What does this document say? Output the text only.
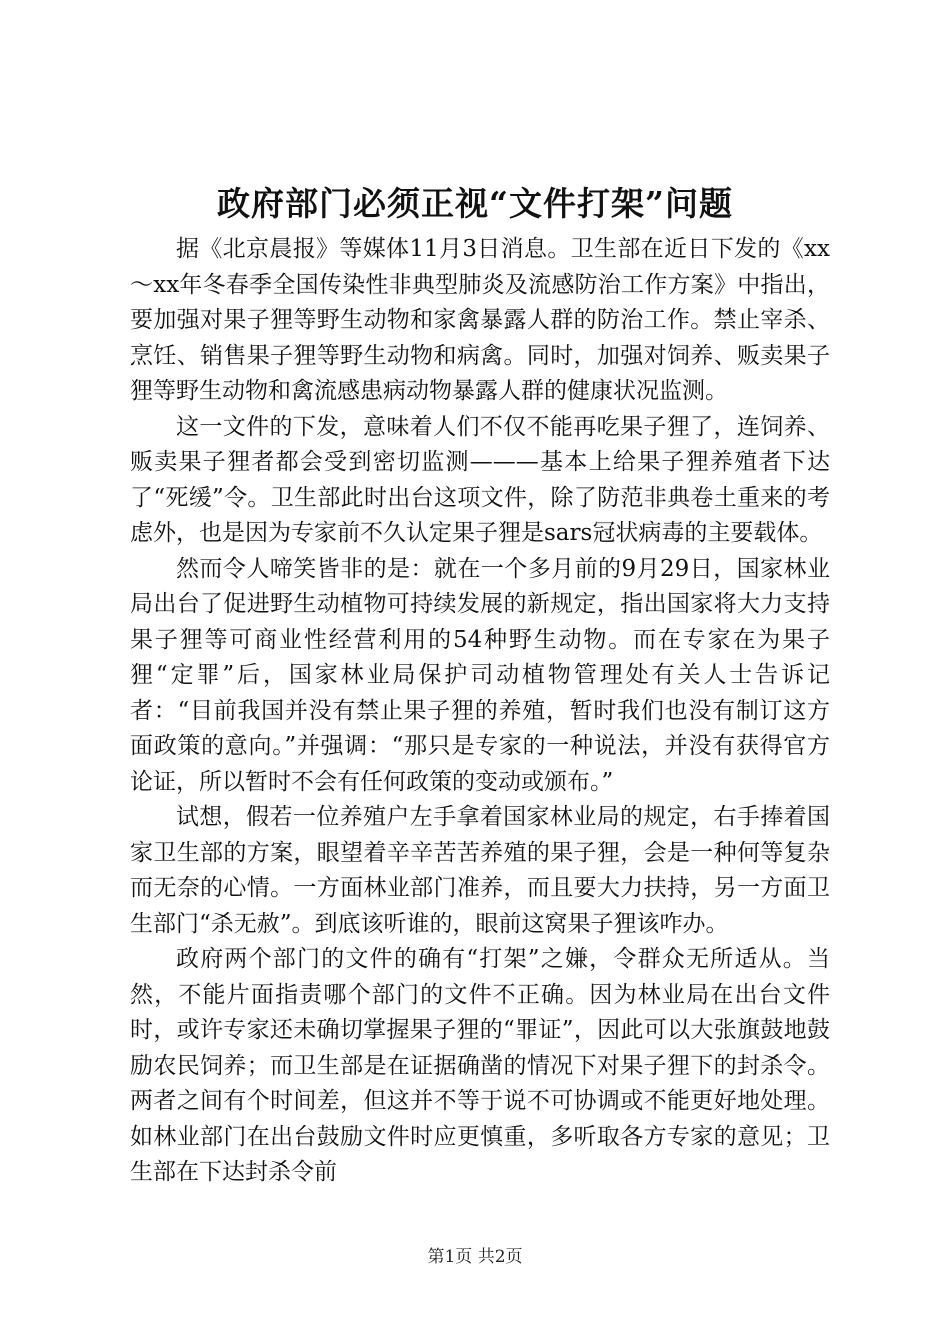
政府部门必须正视“文件打架”问题

据《北京晨报》等媒体11月3日消息。卫生部在近日下发的《xx～xx年冬春季全国传染性非典型肺炎及流感防治工作方案》中指出，要加强对果子狸等野生动物和家禽暴露人群的防治工作。禁止宰杀、烹饪、销售果子狸等野生动物和病禽。同时，加强对饲养、贩卖果子狸等野生动物和禽流感患病动物暴露人群的健康状况监测。

这一文件的下发，意味着人们不仅不能再吃果子狸了，连饲养、贩卖果子狸者都会受到密切监测———基本上给果子狸养殖者下达了“死缓”令。卫生部此时出台这项文件，除了防范非典卷土重来的考虑外，也是因为专家前不久认定果子狸是sars冠状病毒的主要载体。

然而令人啼笑皆非的是：就在一个多月前的9月29日，国家林业局出台了促进野生动植物可持续发展的新规定，指出国家将大力支持果子狸等可商业性经营利用的54种野生动物。而在专家在为果子狸“定罪”后，国家林业局保护司动植物管理处有关人士告诉记者：“目前我国并没有禁止果子狸的养殖，暂时我们也没有制订这方面政策的意向。”并强调：“那只是专家的一种说法，并没有获得官方论证，所以暂时不会有任何政策的变动或颁布。”

试想，假若一位养殖户左手拿着国家林业局的规定，右手捧着国家卫生部的方案，眼望着辛辛苦苦养殖的果子狸，会是一种何等复杂而无奈的心情。一方面林业部门准养，而且要大力扶持，另一方面卫生部门“杀无赦”。到底该听谁的，眼前这窝果子狸该咋办。

政府两个部门的文件的确有“打架”之嫌，令群众无所适从。当然，不能片面指责哪个部门的文件不正确。因为林业局在出台文件时，或许专家还未确切掌握果子狸的“罪证”，因此可以大张旗鼓地鼓励农民饲养；而卫生部是在证据确凿的情况下对果子狸下的封杀令。两者之间有个时间差，但这并不等于说不可协调或不能更好地处理。如林业部门在出台鼓励文件时应更慎重，多听取各方专家的意见；卫生部在下达封杀令前

第1页 共2页
